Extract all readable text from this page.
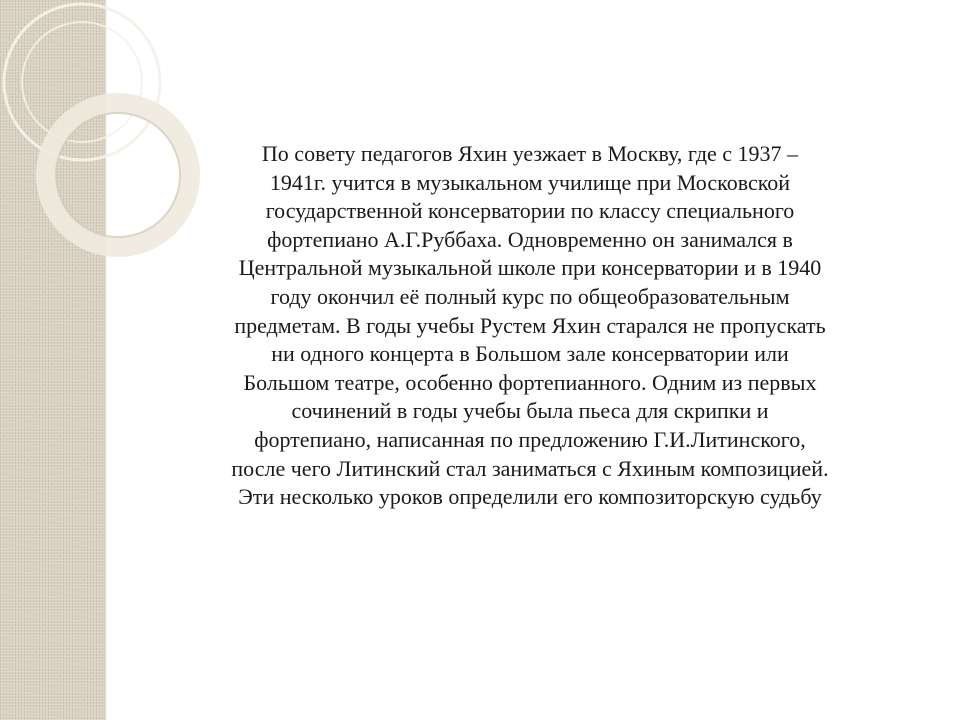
По совету педагогов Яхин уезжает в Москву, где с 1937 –
1941г. учится в музыкальном училище при Московской
государственной консерватории по классу специального
фортепиано А.Г.Руббаха. Одновременно он занимался в
Центральной музыкальной школе при консерватории и в 1940
году окончил её полный курс по общеобразовательным
предметам. В годы учебы Рустем Яхин старался не пропускать
ни одного концерта в Большом зале консерватории или
Большом театре, особенно фортепианного. Одним из первых
сочинений в годы учебы была пьеса для скрипки и
фортепиано, написанная по предложению Г.И.Литинского,
после чего Литинский стал заниматься с Яхиным композицией.
Эти несколько уроков определили его композиторскую судьбу
